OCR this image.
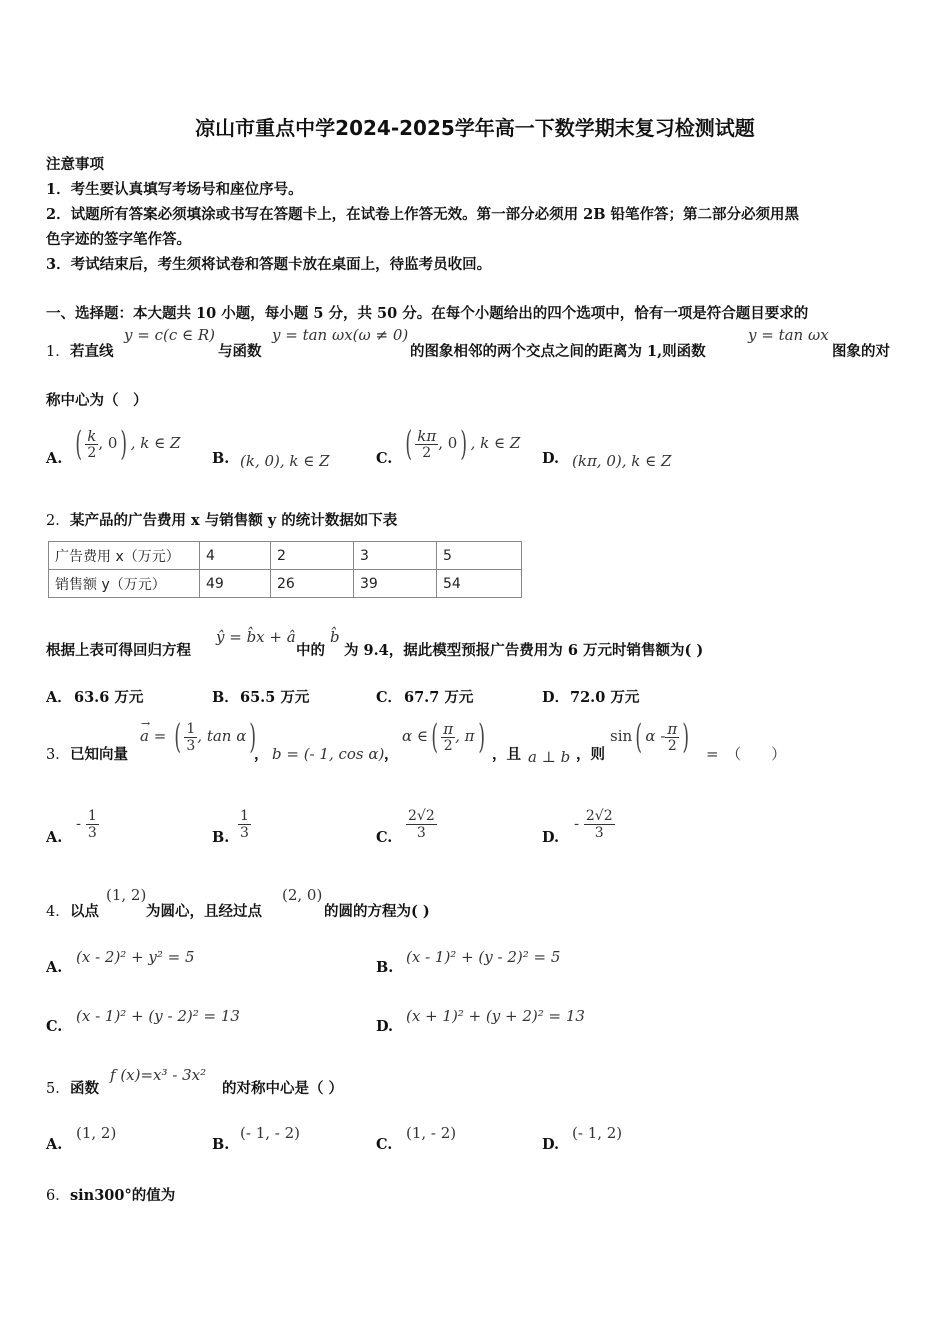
凉山市重点中学2024-2025学年高一下数学期末复习检测试题
注意事项
1．考生要认真填写考场号和座位序号。
2．试题所有答案必须填涂或书写在答题卡上，在试卷上作答无效。第一部分必须用 2B 铅笔作答；第二部分必须用黑
色字迹的签字笔作答。
3．考试结束后，考生须将试卷和答题卡放在桌面上，待监考员收回。
一、选择题：本大题共 10 小题，每小题 5 分，共 50 分。在每个小题给出的四个选项中，恰有一项是符合题目要求的
1． 若直线
y = c(c ∈ R)
与函数
y = tan ωx(ω ≠ 0)
的图象相邻的两个交点之间的距离为 1,则函数
y = tan ωx
图象的对
称中心为（　）
A. ( $\frac{k}{2}$ , 0) , k ∈ Z
B. (k, 0), k ∈ Z	C. ( $\frac{k\pi}{2}$ , 0) , k ∈ Z
D. (kπ, 0), k ∈ Z
2． 某产品的广告费用 x 与销售额 y 的统计数据如下表
广告费用 x（万元）	4	2	3	5
销售额 y（万元）	49	26	39	54
根据上表可得回归方程
ŷ = b̂x + â
中的
b̂
为 9.4，据此模型预报广告费用为 6 万元时销售额为( )
A． 63.6 万元	B． 65.5 万元	C． 67.7 万元	D． 72.0 万元
3． 已知向量
→
a = ( $\frac{1}{3}$ , tan α)
， b = (- 1, cos α) ，
α ∈( $\frac{\pi}{2}$ , π) ，且 a ⊥ b ，则
sin( α - $\frac{\pi}{2}$ ) =　（　　）
A.
- $\frac{1}{3}$	B. $\frac{1}{3}$	C. $\frac{2√2}{3}$	D.
- $\frac{2√2}{3}$
4． 以点
(1, 2)
为圆心，且经过点
(2, 0)
的圆的方程为( )
A.
(x - 2)² + y² = 5
B.
(x - 1)² + (y - 2)² = 5
C.
(x - 1)² + (y - 2)² = 13
D.
(x + 1)² + (y + 2)² = 13
5． 函数
f (x)=x³ - 3x²
的对称中心是（ ）
A.
(1, 2)
B.
(- 1, - 2)
C.
(1, - 2)
D.
(- 1, 2)
6． sin300°的值为
